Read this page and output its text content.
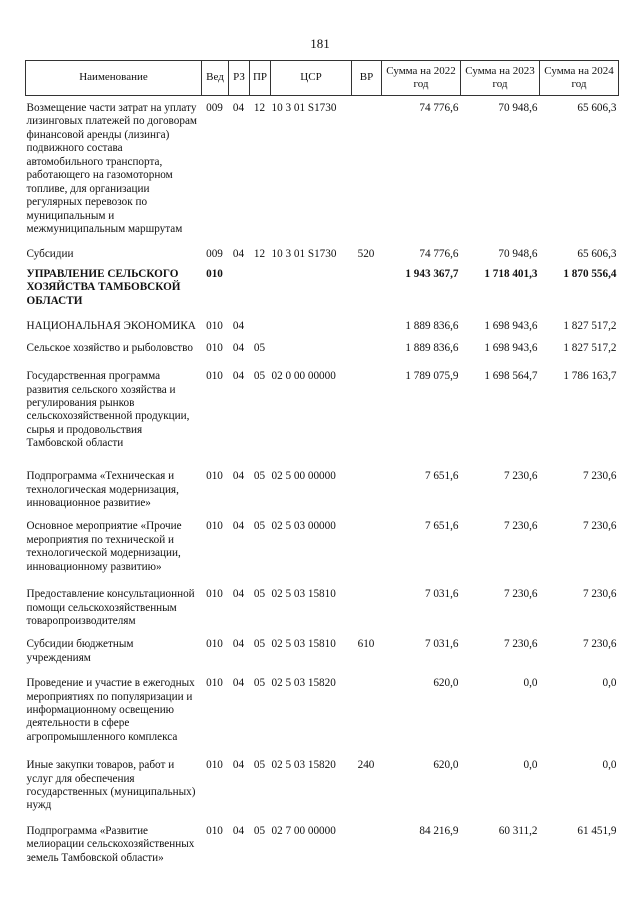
181
Наименование	Вед	РЗ	ПР	ЦСР	ВР	Сумма на 2022 год	Сумма на 2023 год	Сумма на 2024 год
Возмещение части затрат на уплату лизинговых платежей по договорам финансовой аренды (лизинга) подвижного состава автомобильного транспорта, работающего на газомоторном топливе, для организации регулярных перевозок по муниципальным и межмуниципальным маршрутам	009	04	12	10 3 01 S1730		74 776,6	70 948,6	65 606,3
Субсидии	009	04	12	10 3 01 S1730	520	74 776,6	70 948,6	65 606,3
УПРАВЛЕНИЕ СЕЛЬСКОГО ХОЗЯЙСТВА ТАМБОВСКОЙ ОБЛАСТИ	010					1 943 367,7	1 718 401,3	1 870 556,4
НАЦИОНАЛЬНАЯ ЭКОНОМИКА	010	04				1 889 836,6	1 698 943,6	1 827 517,2
Сельское хозяйство и рыболовство	010	04	05			1 889 836,6	1 698 943,6	1 827 517,2
Государственная программа развития сельского хозяйства и регулирования рынков сельскохозяйственной продукции, сырья и продовольствия Тамбовской области	010	04	05	02 0 00 00000		1 789 075,9	1 698 564,7	1 786 163,7
Подпрограмма «Техническая и технологическая модернизация, инновационное развитие»	010	04	05	02 5 00 00000		7 651,6	7 230,6	7 230,6
Основное мероприятие «Прочие мероприятия по технической и технологической модернизации, инновационному развитию»	010	04	05	02 5 03 00000		7 651,6	7 230,6	7 230,6
Предоставление консультационной помощи сельскохозяйственным товаропроизводителям	010	04	05	02 5 03 15810		7 031,6	7 230,6	7 230,6
Субсидии бюджетным учреждениям	010	04	05	02 5 03 15810	610	7 031,6	7 230,6	7 230,6
Проведение и участие в ежегодных мероприятиях по популяризации и информационному освещению деятельности в сфере агропромышленного комплекса	010	04	05	02 5 03 15820		620,0	0,0	0,0
Иные закупки товаров, работ и услуг для обеспечения государственных (муниципальных) нужд	010	04	05	02 5 03 15820	240	620,0	0,0	0,0
Подпрограмма «Развитие мелиорации сельскохозяйственных земель Тамбовской области»	010	04	05	02 7 00 00000		84 216,9	60 311,2	61 451,9
